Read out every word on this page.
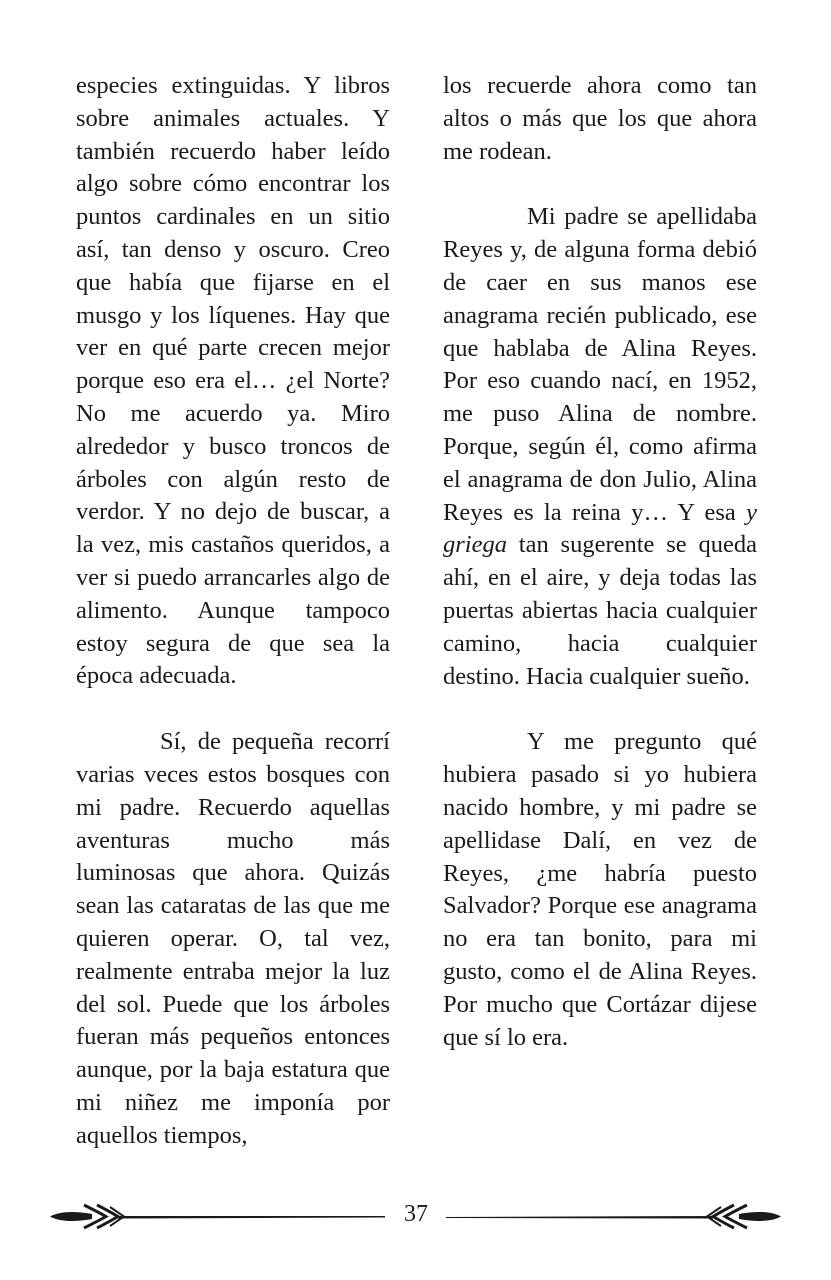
especies extinguidas. Y libros sobre animales actuales. Y también recuerdo haber leído algo sobre cómo encontrar los puntos cardinales en un sitio así, tan denso y oscuro. Creo que había que fijarse en el musgo y los líquenes. Hay que ver en qué parte crecen mejor porque eso era el… ¿el Norte? No me acuerdo ya. Miro alrededor y busco troncos de árboles con algún resto de verdor. Y no dejo de buscar, a la vez, mis castaños queridos, a ver si puedo arrancarles algo de alimento. Aunque tampoco estoy segura de que sea la época adecuada.

Sí, de pequeña recorrí varias veces estos bosques con mi padre. Recuerdo aquellas aventuras mucho más luminosas que ahora. Quizás sean las cataratas de las que me quieren operar. O, tal vez, realmente entraba mejor la luz del sol. Puede que los árboles fueran más pequeños entonces aunque, por la baja estatura que mi niñez me imponía por aquellos tiempos,

los recuerde ahora como tan altos o más que los que ahora me rodean.

Mi padre se apellidaba Reyes y, de alguna forma debió de caer en sus manos ese anagrama recién publicado, ese que hablaba de Alina Reyes. Por eso cuando nací, en 1952, me puso Alina de nombre. Porque, según él, como afirma el anagrama de don Julio, Alina Reyes es la reina y… Y esa y griega tan sugerente se queda ahí, en el aire, y deja todas las puertas abiertas hacia cualquier camino, hacia cualquier destino. Hacia cualquier sueño.

Y me pregunto qué hubiera pasado si yo hubiera nacido hombre, y mi padre se apellidase Dalí, en vez de Reyes, ¿me habría puesto Salvador? Porque ese anagrama no era tan bonito, para mi gusto, como el de Alina Reyes. Por mucho que Cortázar dijese que sí lo era.

37
